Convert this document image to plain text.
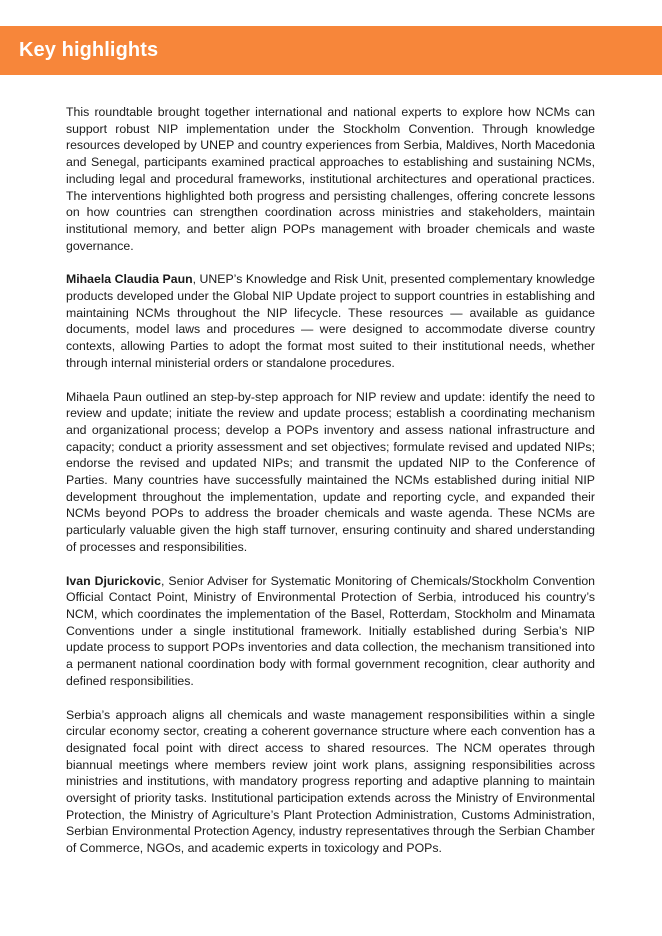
Key highlights

This roundtable brought together international and national experts to explore how NCMs can support robust NIP implementation under the Stockholm Convention. Through knowledge resources developed by UNEP and country experiences from Serbia, Maldives, North Macedonia and Senegal, participants examined practical approaches to establishing and sustaining NCMs, including legal and procedural frameworks, institutional architectures and operational practices. The interventions highlighted both progress and persisting challenges, offering concrete lessons on how countries can strengthen coordination across ministries and stakeholders, maintain institutional memory, and better align POPs management with broader chemicals and waste governance.

Mihaela Claudia Paun, UNEP’s Knowledge and Risk Unit, presented complementary knowledge products developed under the Global NIP Update project to support countries in establishing and maintaining NCMs throughout the NIP lifecycle. These resources — available as guidance documents, model laws and procedures — were designed to accommodate diverse country contexts, allowing Parties to adopt the format most suited to their institutional needs, whether through internal ministerial orders or standalone procedures.

Mihaela Paun outlined an step-by-step approach for NIP review and update: identify the need to review and update; initiate the review and update process; establish a coordinating mechanism and organizational process; develop a POPs inventory and assess national infrastructure and capacity; conduct a priority assessment and set objectives; formulate revised and updated NIPs; endorse the revised and updated NIPs; and transmit the updated NIP to the Conference of Parties. Many countries have successfully maintained the NCMs established during initial NIP development throughout the implementation, update and reporting cycle, and expanded their NCMs beyond POPs to address the broader chemicals and waste agenda. These NCMs are particularly valuable given the high staff turnover, ensuring continuity and shared understanding of processes and responsibilities.

Ivan Djurickovic, Senior Adviser for Systematic Monitoring of Chemicals/Stockholm Convention Official Contact Point, Ministry of Environmental Protection of Serbia, introduced his country’s NCM, which coordinates the implementation of the Basel, Rotterdam, Stockholm and Minamata Conventions under a single institutional framework. Initially established during Serbia’s NIP update process to support POPs inventories and data collection, the mechanism transitioned into a permanent national coordination body with formal government recognition, clear authority and defined responsibilities.

Serbia’s approach aligns all chemicals and waste management responsibilities within a single circular economy sector, creating a coherent governance structure where each convention has a designated focal point with direct access to shared resources. The NCM operates through biannual meetings where members review joint work plans, assigning responsibilities across ministries and institutions, with mandatory progress reporting and adaptive planning to maintain oversight of priority tasks. Institutional participation extends across the Ministry of Environmental Protection, the Ministry of Agriculture’s Plant Protection Administration, Customs Administration, Serbian Environmental Protection Agency, industry representatives through the Serbian Chamber of Commerce, NGOs, and academic experts in toxicology and POPs.
